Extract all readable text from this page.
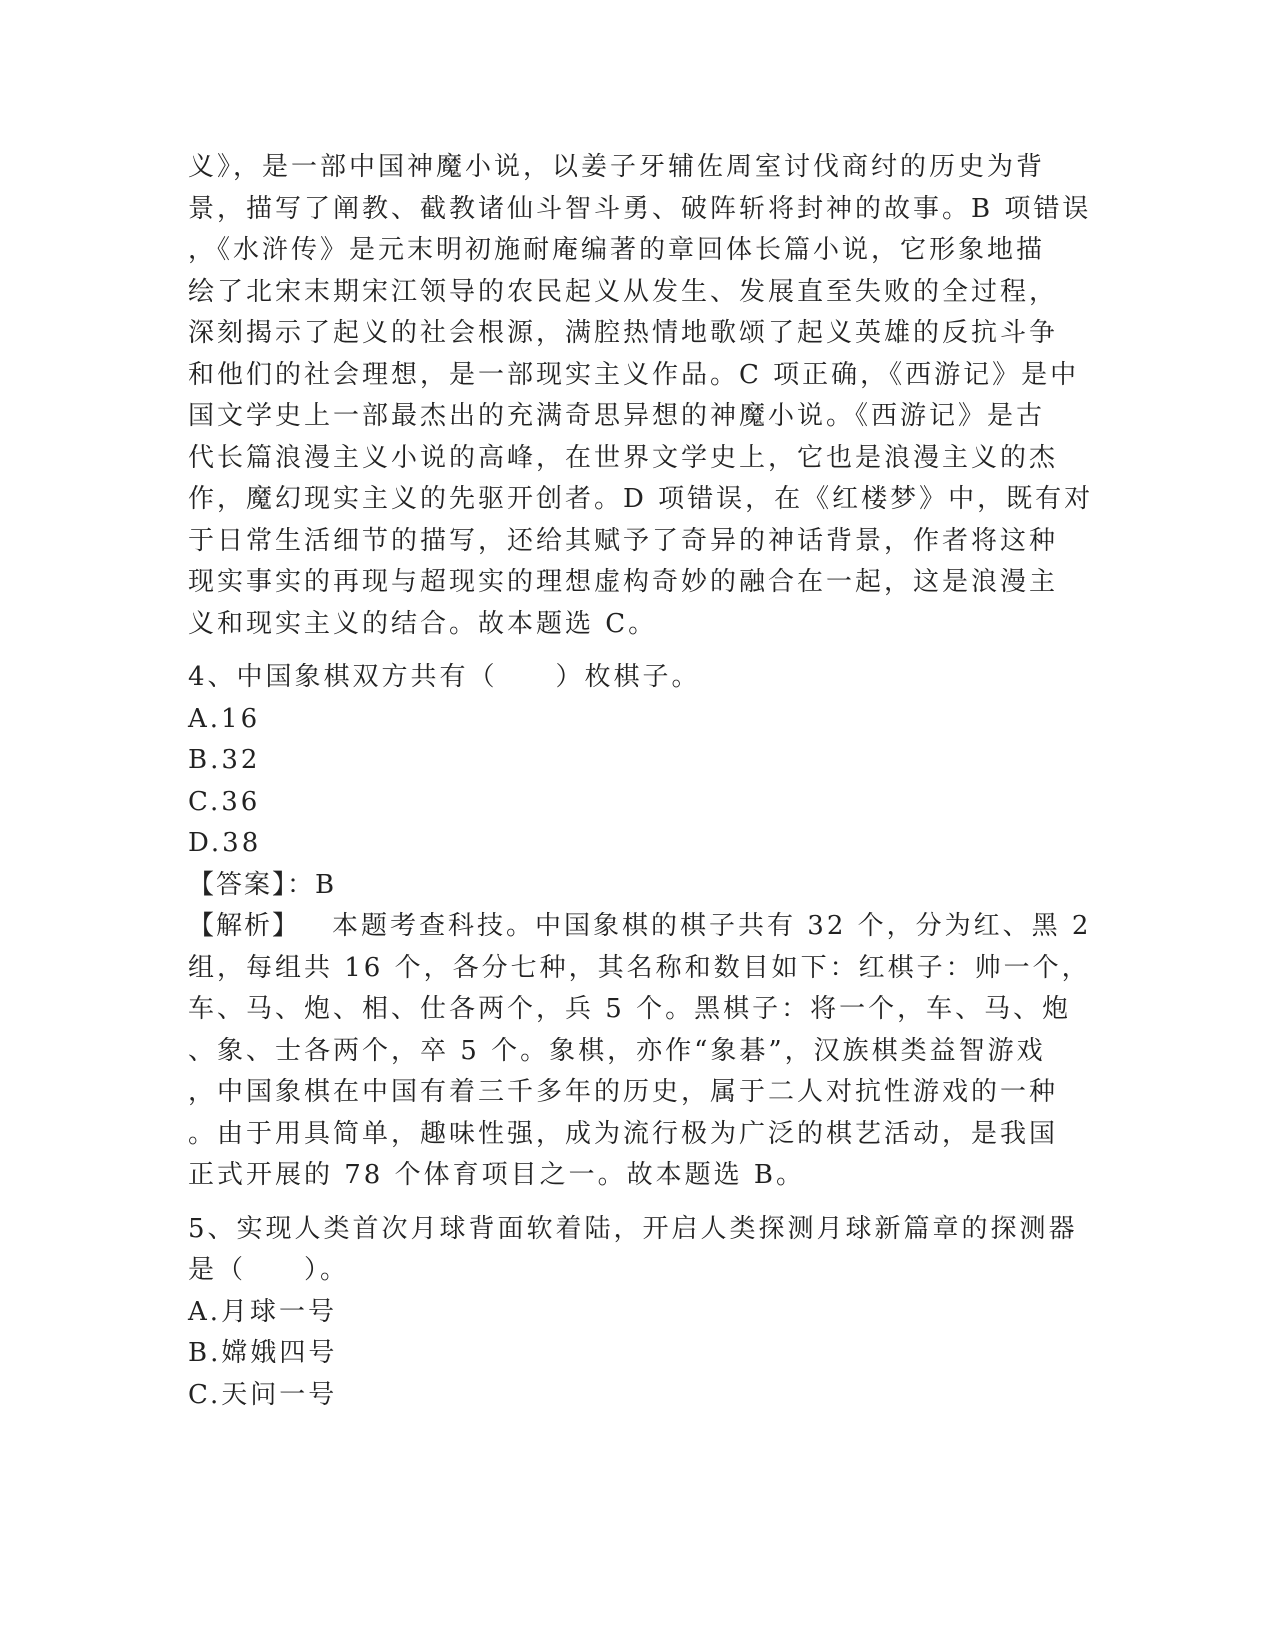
义》，是一部中国神魔小说，以姜子牙辅佐周室讨伐商纣的历史为背
景，描写了阐教、截教诸仙斗智斗勇、破阵斩将封神的故事。B 项错误
，《水浒传》是元末明初施耐庵编著的章回体长篇小说，它形象地描
绘了北宋末期宋江领导的农民起义从发生、发展直至失败的全过程，
深刻揭示了起义的社会根源，满腔热情地歌颂了起义英雄的反抗斗争
和他们的社会理想，是一部现实主义作品。C 项正确，《西游记》是中
国文学史上一部最杰出的充满奇思异想的神魔小说。《西游记》是古
代长篇浪漫主义小说的高峰，在世界文学史上，它也是浪漫主义的杰
作，魔幻现实主义的先驱开创者。D 项错误，在《红楼梦》中，既有对
于日常生活细节的描写，还给其赋予了奇异的神话背景，作者将这种
现实事实的再现与超现实的理想虚构奇妙的融合在一起，这是浪漫主
义和现实主义的结合。故本题选 C。
4、中国象棋双方共有（　　）枚棋子。
A.16
B.32
C.36
D.38
【答案】：B
【解析】 本题考查科技。中国象棋的棋子共有 32 个，分为红、黑 2
组，每组共 16 个，各分七种，其名称和数目如下：红棋子：帅一个，
车、马、炮、相、仕各两个，兵 5 个。黑棋子：将一个，车、马、炮
、象、士各两个，卒 5 个。象棋，亦作“象碁”，汉族棋类益智游戏
，中国象棋在中国有着三千多年的历史，属于二人对抗性游戏的一种
。由于用具简单，趣味性强，成为流行极为广泛的棋艺活动，是我国
正式开展的 78 个体育项目之一。故本题选 B。
5、实现人类首次月球背面软着陆，开启人类探测月球新篇章的探测器
是（　　）。
A.月球一号
B.嫦娥四号
C.天问一号
